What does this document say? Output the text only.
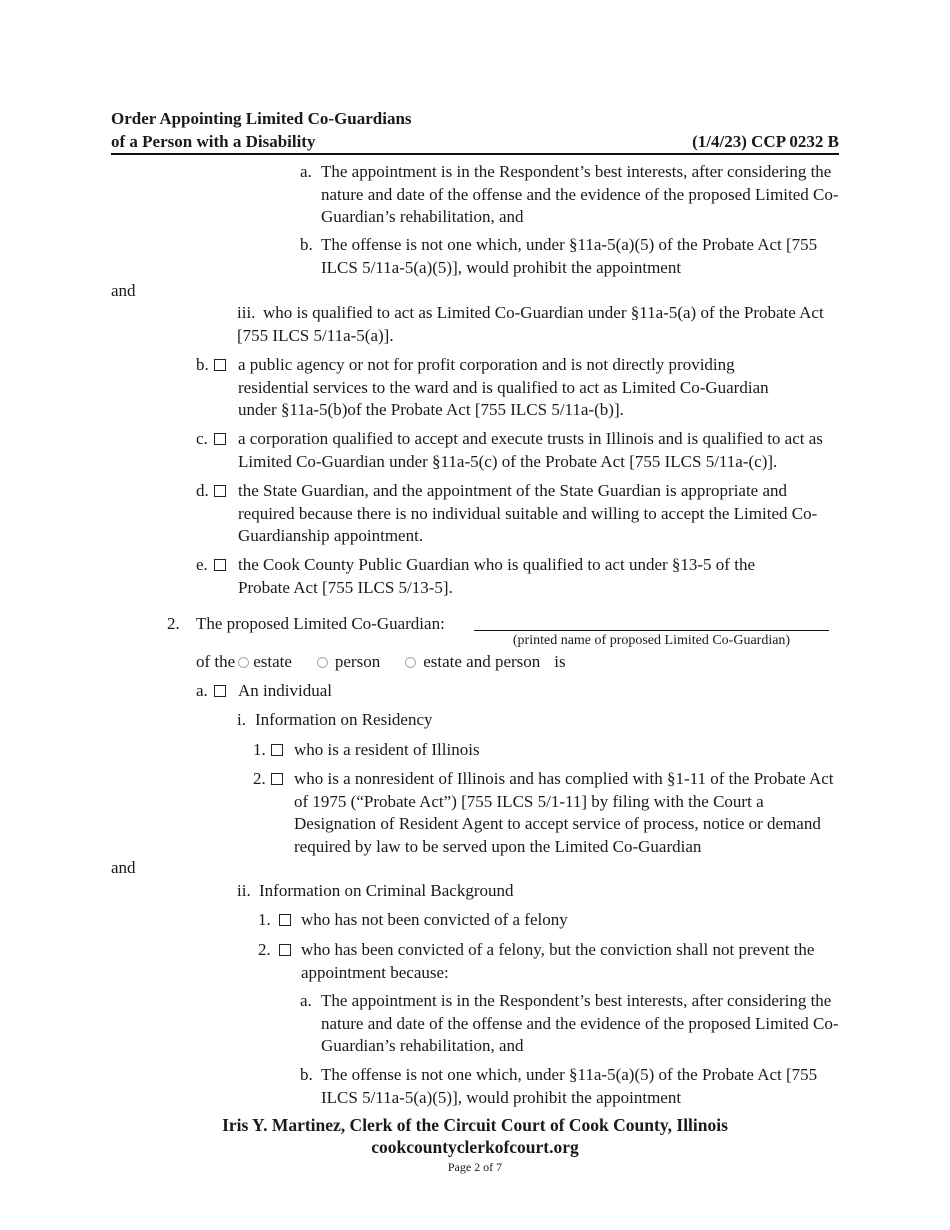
Order Appointing Limited Co-Guardians
of a Person with a Disability	(1/4/23) CCP 0232 B
a. The appointment is in the Respondent’s best interests, after considering the nature and date of the offense and the evidence of the proposed Limited Co-Guardian’s rehabilitation, and
b. The offense is not one which, under §11a-5(a)(5) of the Probate Act [755 ILCS 5/11a-5(a)(5)], would prohibit the appointment
and
iii. who is qualified to act as Limited Co-Guardian under §11a-5(a) of the Probate Act [755 ILCS 5/11a-5(a)].
b. a public agency or not for profit corporation and is not directly providing residential services to the ward and is qualified to act as Limited Co-Guardian under §11a-5(b)of the Probate Act [755 ILCS 5/11a-(b)].
c. a corporation qualified to accept and execute trusts in Illinois and is qualified to act as Limited Co-Guardian under §11a-5(c) of the Probate Act [755 ILCS 5/11a-(c)].
d. the State Guardian, and the appointment of the State Guardian is appropriate and required because there is no individual suitable and willing to accept the Limited Co-Guardianship appointment.
e. the Cook County Public Guardian who is qualified to act under §13-5 of the Probate Act [755 ILCS 5/13-5].
2. The proposed Limited Co-Guardian:
(printed name of proposed Limited Co-Guardian)
of the estate	person	estate and person is
a. An individual
i. Information on Residency
1. who is a resident of Illinois
2. who is a nonresident of Illinois and has complied with §1-11 of the Probate Act of 1975 (“Probate Act”) [755 ILCS 5/1-11] by filing with the Court a Designation of Resident Agent to accept service of process, notice or demand required by law to be served upon the Limited Co-Guardian
and
ii. Information on Criminal Background
1. who has not been convicted of a felony
2. who has been convicted of a felony, but the conviction shall not prevent the appointment because:
a. The appointment is in the Respondent’s best interests, after considering the nature and date of the offense and the evidence of the proposed Limited Co-Guardian’s rehabilitation, and
b. The offense is not one which, under §11a-5(a)(5) of the Probate Act [755 ILCS 5/11a-5(a)(5)], would prohibit the appointment
Iris Y. Martinez, Clerk of the Circuit Court of Cook County, Illinois
cookcountyclerkofcourt.org
Page 2 of 7
